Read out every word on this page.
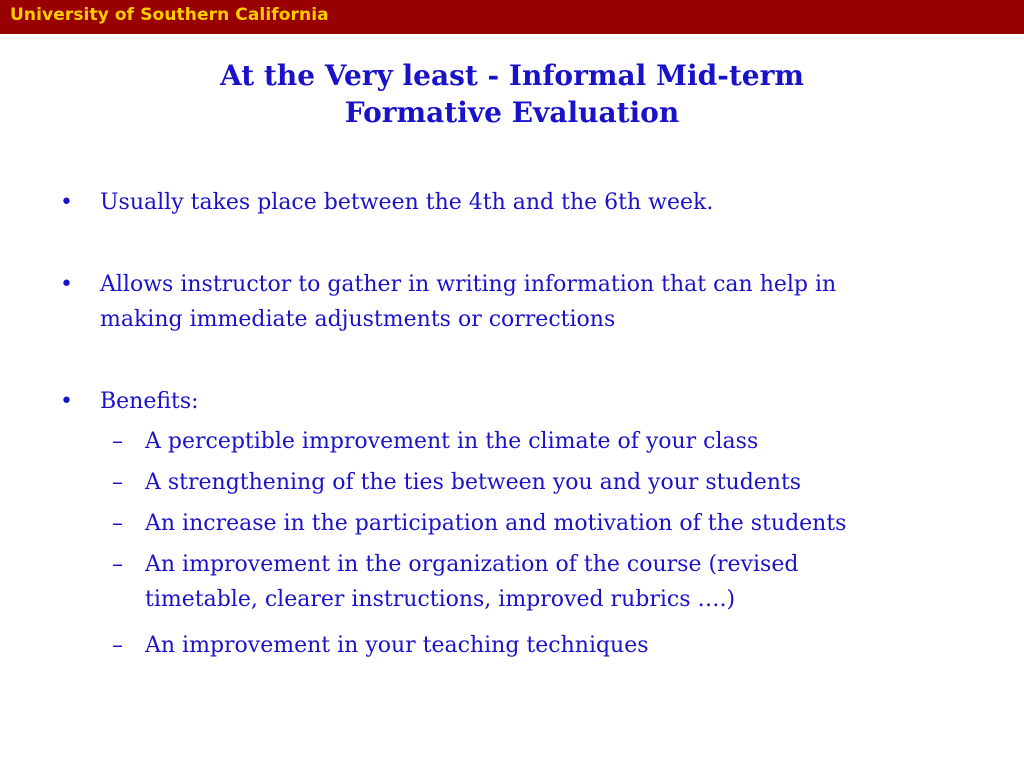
University of Southern California
At the Very least - Informal Mid-term
Formative Evaluation
•	Usually takes place between the 4th and the 6th week.
•	Allows instructor to gather in writing information that can help in
making immediate adjustments or corrections
•	Benefits:
–	A perceptible improvement in the climate of your class
–	A strengthening of the ties between you and your students
–	An increase in the participation and motivation of the students
–	An improvement in the organization of the course (revised
timetable, clearer instructions, improved rubrics ….)
–	An improvement in your teaching techniques
